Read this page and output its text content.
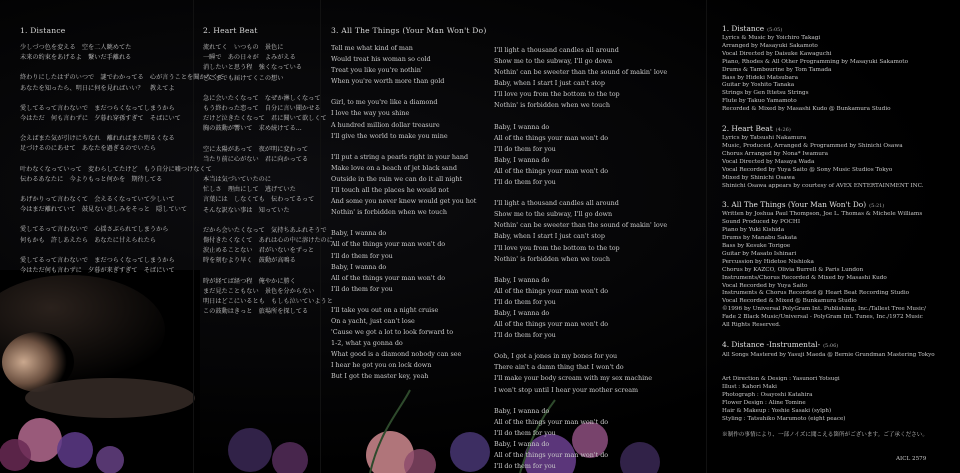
1. Distance

少しづつ色を変える　空を二人眺めてた

未来の約束をあげるよ　繋いだ手離れる

終わりにしたはずのいつで　謎でわかってる　心が言うことを聞かなくて

あなたを知ったら、明日に何を見ればいい？　教えてよ

愛してるって言わないで　まだつらくなってしまうから

今はただ　何も言わずに　夕暮れ穿孫すぎて　そばにいて

会えばまた気が引けにちなれ　離れればまた明るくなる

足づけるのにあせて　あなたを過ぎるのでいたら

叶わなくなっていって　変わらしてたけど　もう自分に嘘つけなくて

伝わるあなたに　今よりもっと何かを　期待してる

あげかりって言わなくて　会えるくなっていて少しいて

今はまだ離れていて　鼓見ない悲しみをそっと　隠していて

愛してるって言わないで　心揺さぶられてしまうから

何もかも　許しあえたら　あなたに甘えられたら

愛してるって言わないで　まだつらくなってしまうから

今はただ何も言わずに　夕暮が来ぎすぎて　そばにいて

2. Heart Beat

流れてく　いつもの　景色に

一瞬で　あの日々が　よみがえる

消したいと思う程　強くなっている

どこまでも届けてくこの想い

急に会いたくなって　なぜか淋しくなって

もう終わった恋って　自分に言い聞かせる

だけど泣きたくなって　君に聞いて欲しくて

胸の鼓動が響いて　求め続けてる...

空に太陽があって　夜が明に変わって

当たり前に心がない　君に向かってる

本当は気づいていたのに

忙しさ　理由にして　逃げていた

言葉には　しなくても　伝わってるって

そんな訳ない事は　知っていた

だから会いたくなって　気持ちあふれそうで

傷付きたくなくて　あれは心の中に溶けたのに

涙止めることない　君がいないをずっと

時を刻むより早く　鼓動が高鳴る

時が経てば経つ程　俺やかに勝く

まだ見たこともない　景色を分からない

明日はどこにいるとも　もしも泣いていようと

この鼓動はきっと　旅場所を探してる

3. All The Things (Your Man Won't Do)

Tell me what kind of man

Would treat his woman so cold

Treat you like you're nothin'

When you're worth more than gold

Girl, to me you're like a diamond

I love the way you shine

A hundred million dollar treasure

I'll give the world to make you mine

I'll put a string a pearls right in your hand

Make love on a beach of jet black sand

Outside in the rain we can do it all night

I'll touch all the places he would not

And some you never knew would get you hot

Nothin' is forbidden when we touch

Baby, I wanna do

All of the things your man won't do

I'll do them for you

Baby, I wanna do

All of the things your man won't do

I'll do them for you

I'll take you out on a night cruise

On a yacht, just can't lose

'Cause we got a lot to look forward to

1-2, what ya gonna do

What good is a diamond nobody can see

I hear he got you on lock down

But I got the master key, yeah

I'll light a thousand candles all around

Show me to the subway, I'll go down

Nothin' can be sweeter than the sound of makin' love

Baby, when I start I just can't stop

I'll love you from the bottom to the top

Nothin' is forbidden when we touch

Baby, I wanna do

All of the things your man won't do

I'll do them for you

Baby, I wanna do

All of the things your man won't do

I'll do them for you

I'll light a thousand candles all around

Show me to the subway, I'll go down

Nothin' can be sweeter than the sound of makin' love

Baby, when I start I just can't stop

I'll love you from the bottom to the top

Nothin' is forbidden when we touch

Baby, I wanna do

All of the things your man won't do

I'll do them for you

Baby, I wanna do

All of the things your man won't do

I'll do them for you

Ooh, I got a jones in my bones for you

There ain't a damn thing that I won't do

I'll make your body scream with my sex machine

I won't stop until I hear your mother scream

Baby, I wanna do

All of the things your man won't do

I'll do them for you

Baby, I wanna do

All of the things your man won't do

I'll do them for you

1. Distance (5:05)

Lyrics & Music by Yoichiro Takagi

Arranged by Masayuki Sakamoto

Vocal Directed by Daisuke Kawaguchi

Piano, Rhodes & All Other Programming by Masayuki Sakamoto

Drums & Tambourine by Tom Tamada

Bass by Hideki Matsubara

Guitar by Yoshito Tanaka

Strings by Gen Ittetsu Strings

Flute by Takuo Yamamoto

Recorded & Mixed by Masashi Kudo @ Bunkamura Studio

2. Heart Beat (4:26)

Lyrics by Tatsushi Nakamura

Music, Produced, Arranged & Programmed by Shinichi Osawa

Chorus Arranged by Nona* Iwamura

Vocal Directed by Masaya Wada

Vocal Recorded by Yuya Saito @ Sony Music Studios Tokyo

Mixed by Shinichi Osawa

Shinichi Osawa appears by courtesy of AVEX ENTERTAINMENT INC.

3. All The Things (Your Man Won't Do) (5:21)

Written by Joshua Paul Thompson, Joe L. Thomas & Michele Williams

Sound Produced by POCHI

Piano by Yuki Kishida

Drums by Manabu Sakata

Bass by Kesuke Torigoe

Guitar by Masato Ishinari

Percussion by Hidetoe Nishioka

Chorus by KAZCO, Olivia Burrell & Paris Lundon

Instruments/Chorus Recorded & Mixed by Masashi Kudo

Vocal Recorded by Yuya Saito

Instruments & Chorus Recorded @ Heart Beat Recording Studio

Vocal Recorded & Mixed @ Bunkamura Studio

©1996 by Universal PolyGram Int. Publishing, Inc./Tallest Tree Music/

Fade 2 Black Music/Universal - PolyGram Int. Tunes, Inc./1972 Music

All Rights Reserved.

4. Distance -Instrumental- (5:06)
All Songs Mastered by Yasuji Maeda @ Bernie Grundman Mastering Tokyo

Art Direction & Design : Yasunori Yotsugi

Illust : Kahori Maki

Photograph : Osayoshi Katahira

Flower Design : Aline Tomine

Hair & Makeup : Yoshie Sasaki (sylph)

Styling : Tatsuhiko Marumoto (eight peace)

※制作の事情により、一部ノイズに聞こえる箇所がございます。ご了承ください。
AICL 2579
